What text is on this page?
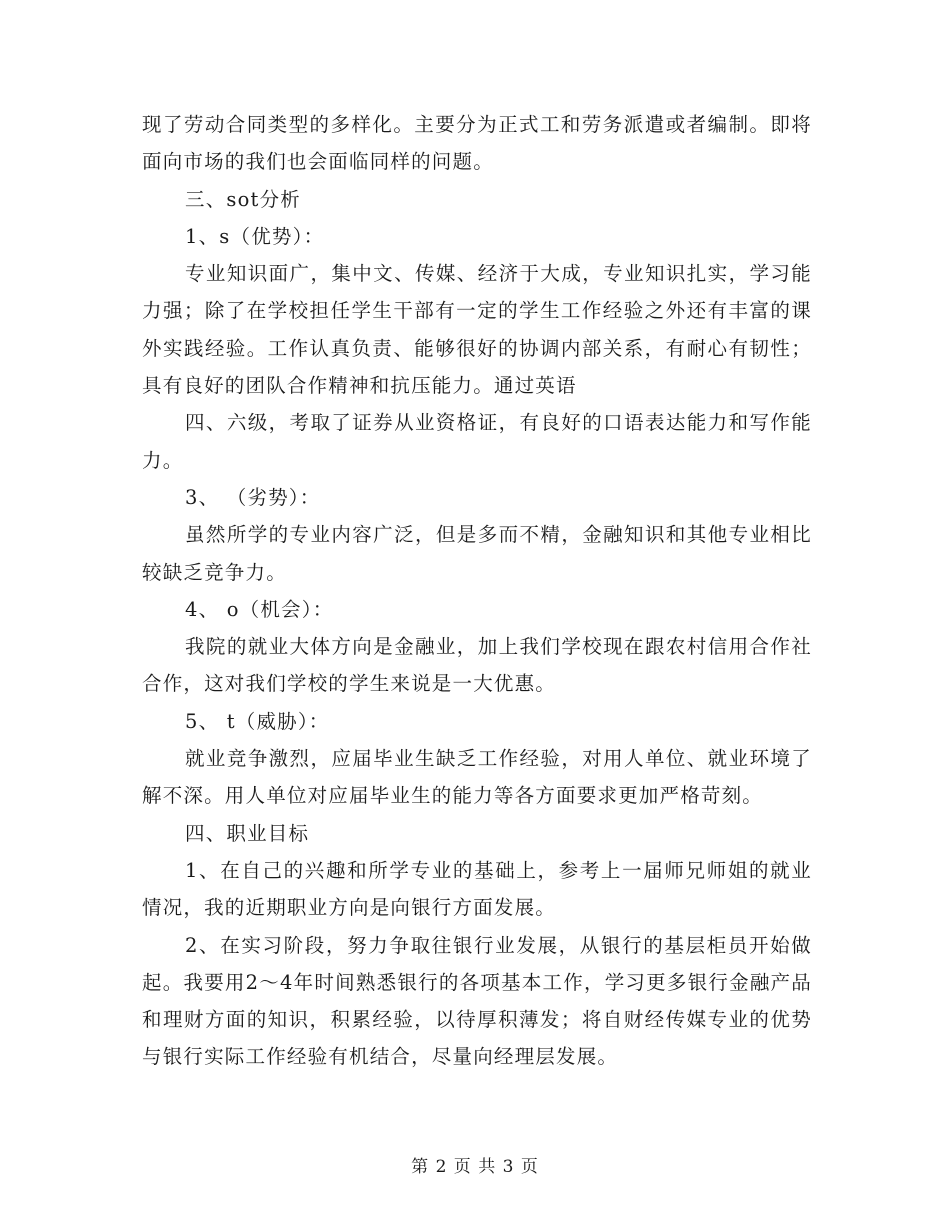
现了劳动合同类型的多样化。主要分为正式工和劳务派遣或者编制。即将面向市场的我们也会面临同样的问题。

三、sot分析

1、s（优势）：

专业知识面广，集中文、传媒、经济于大成，专业知识扎实，学习能力强；除了在学校担任学生干部有一定的学生工作经验之外还有丰富的课外实践经验。工作认真负责、能够很好的协调内部关系，有耐心有韧性；具有良好的团队合作精神和抗压能力。通过英语

四、六级，考取了证券从业资格证，有良好的口语表达能力和写作能力。

3、 （劣势）：

虽然所学的专业内容广泛，但是多而不精，金融知识和其他专业相比较缺乏竞争力。

4、 o（机会）：

我院的就业大体方向是金融业，加上我们学校现在跟农村信用合作社合作，这对我们学校的学生来说是一大优惠。

5、 t（威胁）：

就业竞争激烈，应届毕业生缺乏工作经验，对用人单位、就业环境了解不深。用人单位对应届毕业生的能力等各方面要求更加严格苛刻。

四、职业目标

1、在自己的兴趣和所学专业的基础上，参考上一届师兄师姐的就业情况，我的近期职业方向是向银行方面发展。

2、在实习阶段，努力争取往银行业发展，从银行的基层柜员开始做起。我要用2～4年时间熟悉银行的各项基本工作，学习更多银行金融产品和理财方面的知识，积累经验，以待厚积薄发；将自财经传媒专业的优势与银行实际工作经验有机结合，尽量向经理层发展。

第 2 页 共 3 页
